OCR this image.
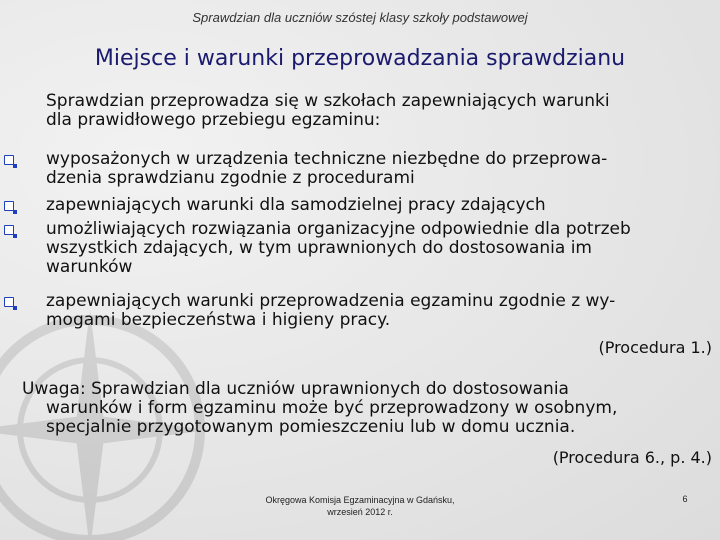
Sprawdzian dla uczniów szóstej klasy szkoły podstawowej
Miejsce i warunki przeprowadzania sprawdzianu
Sprawdzian przeprowadza się w szkołach zapewniających warunki
dla prawidłowego przebiegu egzaminu:
wyposażonych w urządzenia techniczne niezbędne do przeprowa-
dzenia sprawdzianu zgodnie z procedurami
zapewniających warunki dla samodzielnej pracy zdających
umożliwiających rozwiązania organizacyjne odpowiednie dla potrzeb
wszystkich zdających, w tym uprawnionych do dostosowania im
warunków
zapewniających warunki przeprowadzenia egzaminu zgodnie z wy-
mogami bezpieczeństwa i higieny pracy.
(Procedura 1.)
Uwaga: Sprawdzian dla uczniów uprawnionych do dostosowania
warunków i form egzaminu może być przeprowadzony w osobnym,
specjalnie przygotowanym pomieszczeniu lub w domu ucznia.
(Procedura 6., p. 4.)
Okręgowa Komisja Egzaminacyjna w Gdańsku,
wrzesień 2012 r.
6
